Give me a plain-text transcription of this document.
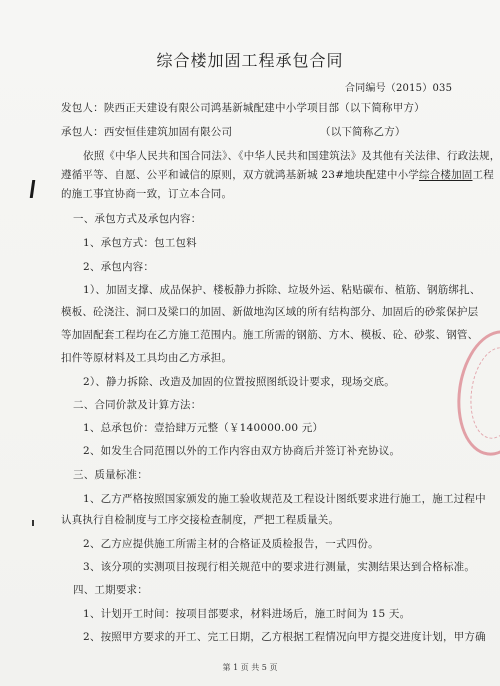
综合楼加固工程承包合同
合同编号（2015）035
发包人：陕西正天建设有限公司鸿基新城配建中小学项目部（以下简称甲方）
承包人：西安恒佳建筑加固有限公司	（以下简称乙方）
依照《中华人民共和国合同法》、《中华人民共和国建筑法》及其他有关法律、行政法规，
遵循平等、自愿、公平和诚信的原则，双方就鸿基新城 23#地块配建中小学综合楼加固工程
的施工事宜协商一致，订立本合同。
一、承包方式及承包内容：
1、承包方式：包工包料
2、承包内容：
1）、加固支撑、成品保护、楼板静力拆除、垃圾外运、粘贴碳布、植筋、钢筋绑扎、
模板、砼浇注、洞口及梁口的加固、新做地沟区域的所有结构部分、加固后的砂浆保护层
等加固配套工程均在乙方施工范围内。施工所需的钢筋、方木、模板、砼、砂浆、钢管、
扣件等原材料及工具均由乙方承担。
2）、静力拆除、改造及加固的位置按照图纸设计要求，现场交底。
二、合同价款及计算方法：
1、总承包价：壹拾肆万元整（￥140000.00 元）
2、如发生合同范围以外的工作内容由双方协商后并签订补充协议。
三、质量标准：
1、乙方严格按照国家颁发的施工验收规范及工程设计图纸要求进行施工，施工过程中
认真执行自检制度与工序交接检查制度，严把工程质量关。
2、乙方应提供施工所需主材的合格证及质检报告，一式四份。
3、该分项的实测项目按现行相关规范中的要求进行测量，实测结果达到合格标准。
四、工期要求：
1、计划开工时间：按项目部要求，材料进场后，施工时间为 15 天。
2、按照甲方要求的开工、完工日期，乙方根据工程情况向甲方提交进度计划，甲方确
第 1 页 共 5 页
